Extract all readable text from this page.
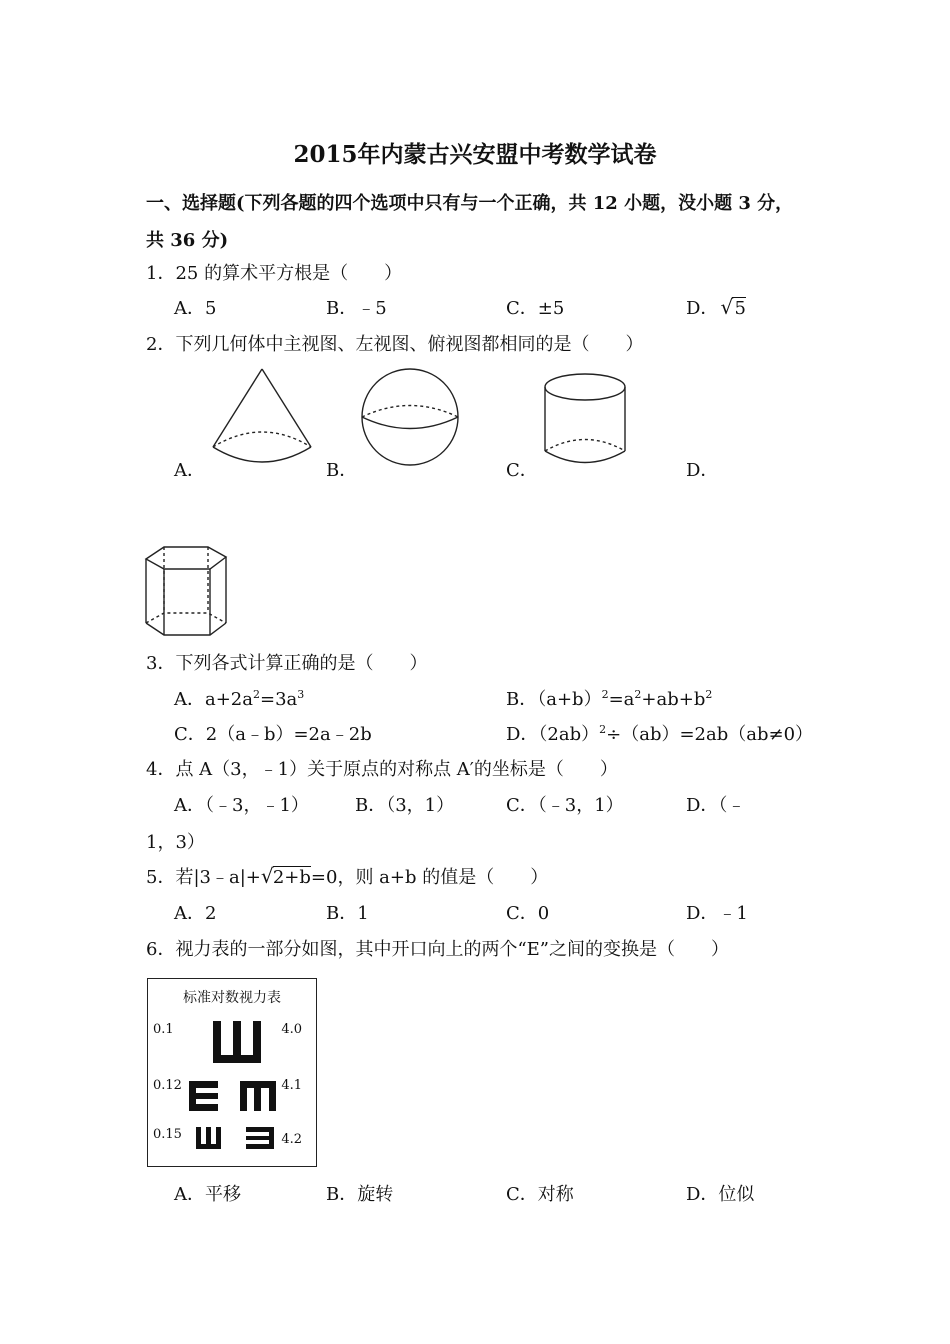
2015年内蒙古兴安盟中考数学试卷
一、选择题(下列各题的四个选项中只有与一个正确，共 12 小题，没小题 3 分，
共 36 分)
1．25 的算术平方根是（　　）
A．5	B．﹣5	C．±5	D． √ 5
2．下列几何体中主视图、左视图、俯视图都相同的是（　　）
A．	B．	C．	D．
3．下列各式计算正确的是（　　）
A．$a+2a^2=3a^3$	B．$(a+b)^2=a^2+ab+b^2$
C．2（a﹣b）=2a﹣2b	D．$(2ab)^2\div(ab)=2ab(ab\ne 0)$
4．点 A（3，﹣1）关于原点的对称点 A′的坐标是（　　）
A．（﹣3，﹣1）	B．（3，1）	C．（﹣3，1）	D．（﹣
1，3）
5．若|3﹣a|+ √ 2+b=0，则 a+b 的值是（　　）
A．2	B．1	C．0	D．﹣1
6．视力表的一部分如图，其中开口向上的两个“E”之间的变换是（　　）
标准对数视力表
0.1	4.0
0.12	4.1
0.15	4.2
A．平移	B．旋转	C．对称	D．位似
